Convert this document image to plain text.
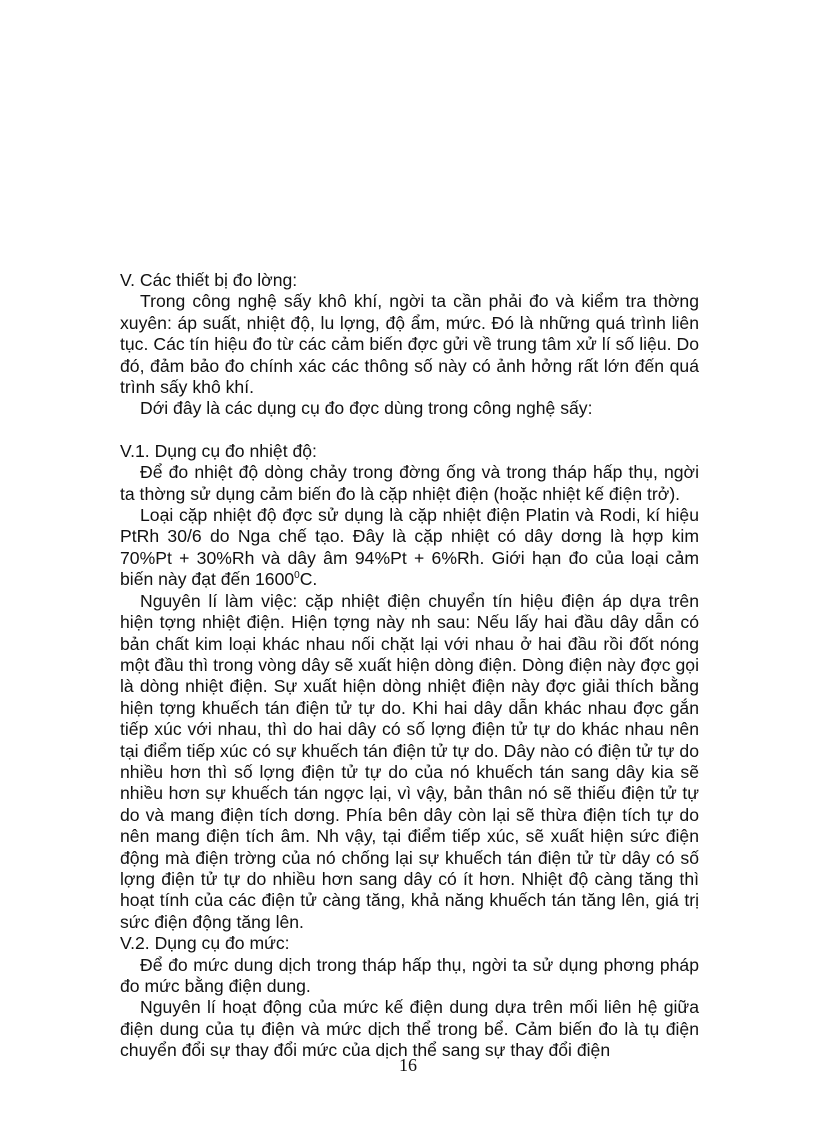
V. Các thiết bị đo lờng:

Trong công nghệ sấy khô khí, ngời ta cần phải đo và kiểm tra thờng xuyên: áp suất, nhiệt độ, lu lợng, độ ẩm, mức. Đó là những quá trình liên tục. Các tín hiệu đo từ các cảm biến đợc gửi về trung tâm xử lí số liệu. Do đó, đảm bảo đo chính xác các thông số này có ảnh hởng rất lớn đến quá trình sấy khô khí.

Dới đây là các dụng cụ đo đợc dùng trong công nghệ sấy:

V.1. Dụng cụ đo nhiệt độ:

Để đo nhiệt độ dòng chảy trong đờng ống và trong tháp hấp thụ, ngời ta thờng sử dụng cảm biến đo là cặp nhiệt điện (hoặc nhiệt kế điện trở).

Loại cặp nhiệt độ đợc sử dụng là cặp nhiệt điện Platin và Rodi, kí hiệu PtRh 30/6 do Nga chế tạo. Đây là cặp nhiệt có dây dơng là hợp kim 70%Pt + 30%Rh và dây âm 94%Pt + 6%Rh. Giới hạn đo của loại cảm biến này đạt đến 1600$^0$C.

Nguyên lí làm việc: cặp nhiệt điện chuyển tín hiệu điện áp dựa trên hiện tợng nhiệt điện. Hiện tợng này nh sau: Nếu lấy hai đầu dây dẫn có bản chất kim loại khác nhau nối chặt lại với nhau ở hai đầu rồi đốt nóng một đầu thì trong vòng dây sẽ xuất hiện dòng điện. Dòng điện này đợc gọi là dòng nhiệt điện. Sự xuất hiện dòng nhiệt điện này đợc giải thích bằng hiện tợng khuếch tán điện tử tự do. Khi hai dây dẫn khác nhau đợc gắn tiếp xúc với nhau, thì do hai dây có số lợng điện tử tự do khác nhau nên tại điểm tiếp xúc có sự khuếch tán điện tử tự do. Dây nào có điện tử tự do nhiều hơn thì số lợng điện tử tự do của nó khuếch tán sang dây kia sẽ nhiều hơn sự khuếch tán ngợc lại, vì vậy, bản thân nó sẽ thiếu điện tử tự do và mang điện tích dơng. Phía bên dây còn lại sẽ thừa điện tích tự do nên mang điện tích âm. Nh vậy, tại điểm tiếp xúc, sẽ xuất hiện sức điện động mà điện trờng của nó chống lại sự khuếch tán điện tử từ dây có số lợng điện tử tự do nhiều hơn sang dây có ít hơn. Nhiệt độ càng tăng thì hoạt tính của các điện tử càng tăng, khả năng khuếch tán tăng lên, giá trị sức điện động tăng lên.

V.2. Dụng cụ đo mức:

Để đo mức dung dịch trong tháp hấp thụ, ngời ta sử dụng phơng pháp đo mức bằng điện dung.

Nguyên lí hoạt động của mức kế điện dung dựa trên mối liên hệ giữa điện dung của tụ điện và mức dịch thể trong bể. Cảm biến đo là tụ điện chuyển đổi sự thay đổi mức của dịch thể sang sự thay đổi điện

16
